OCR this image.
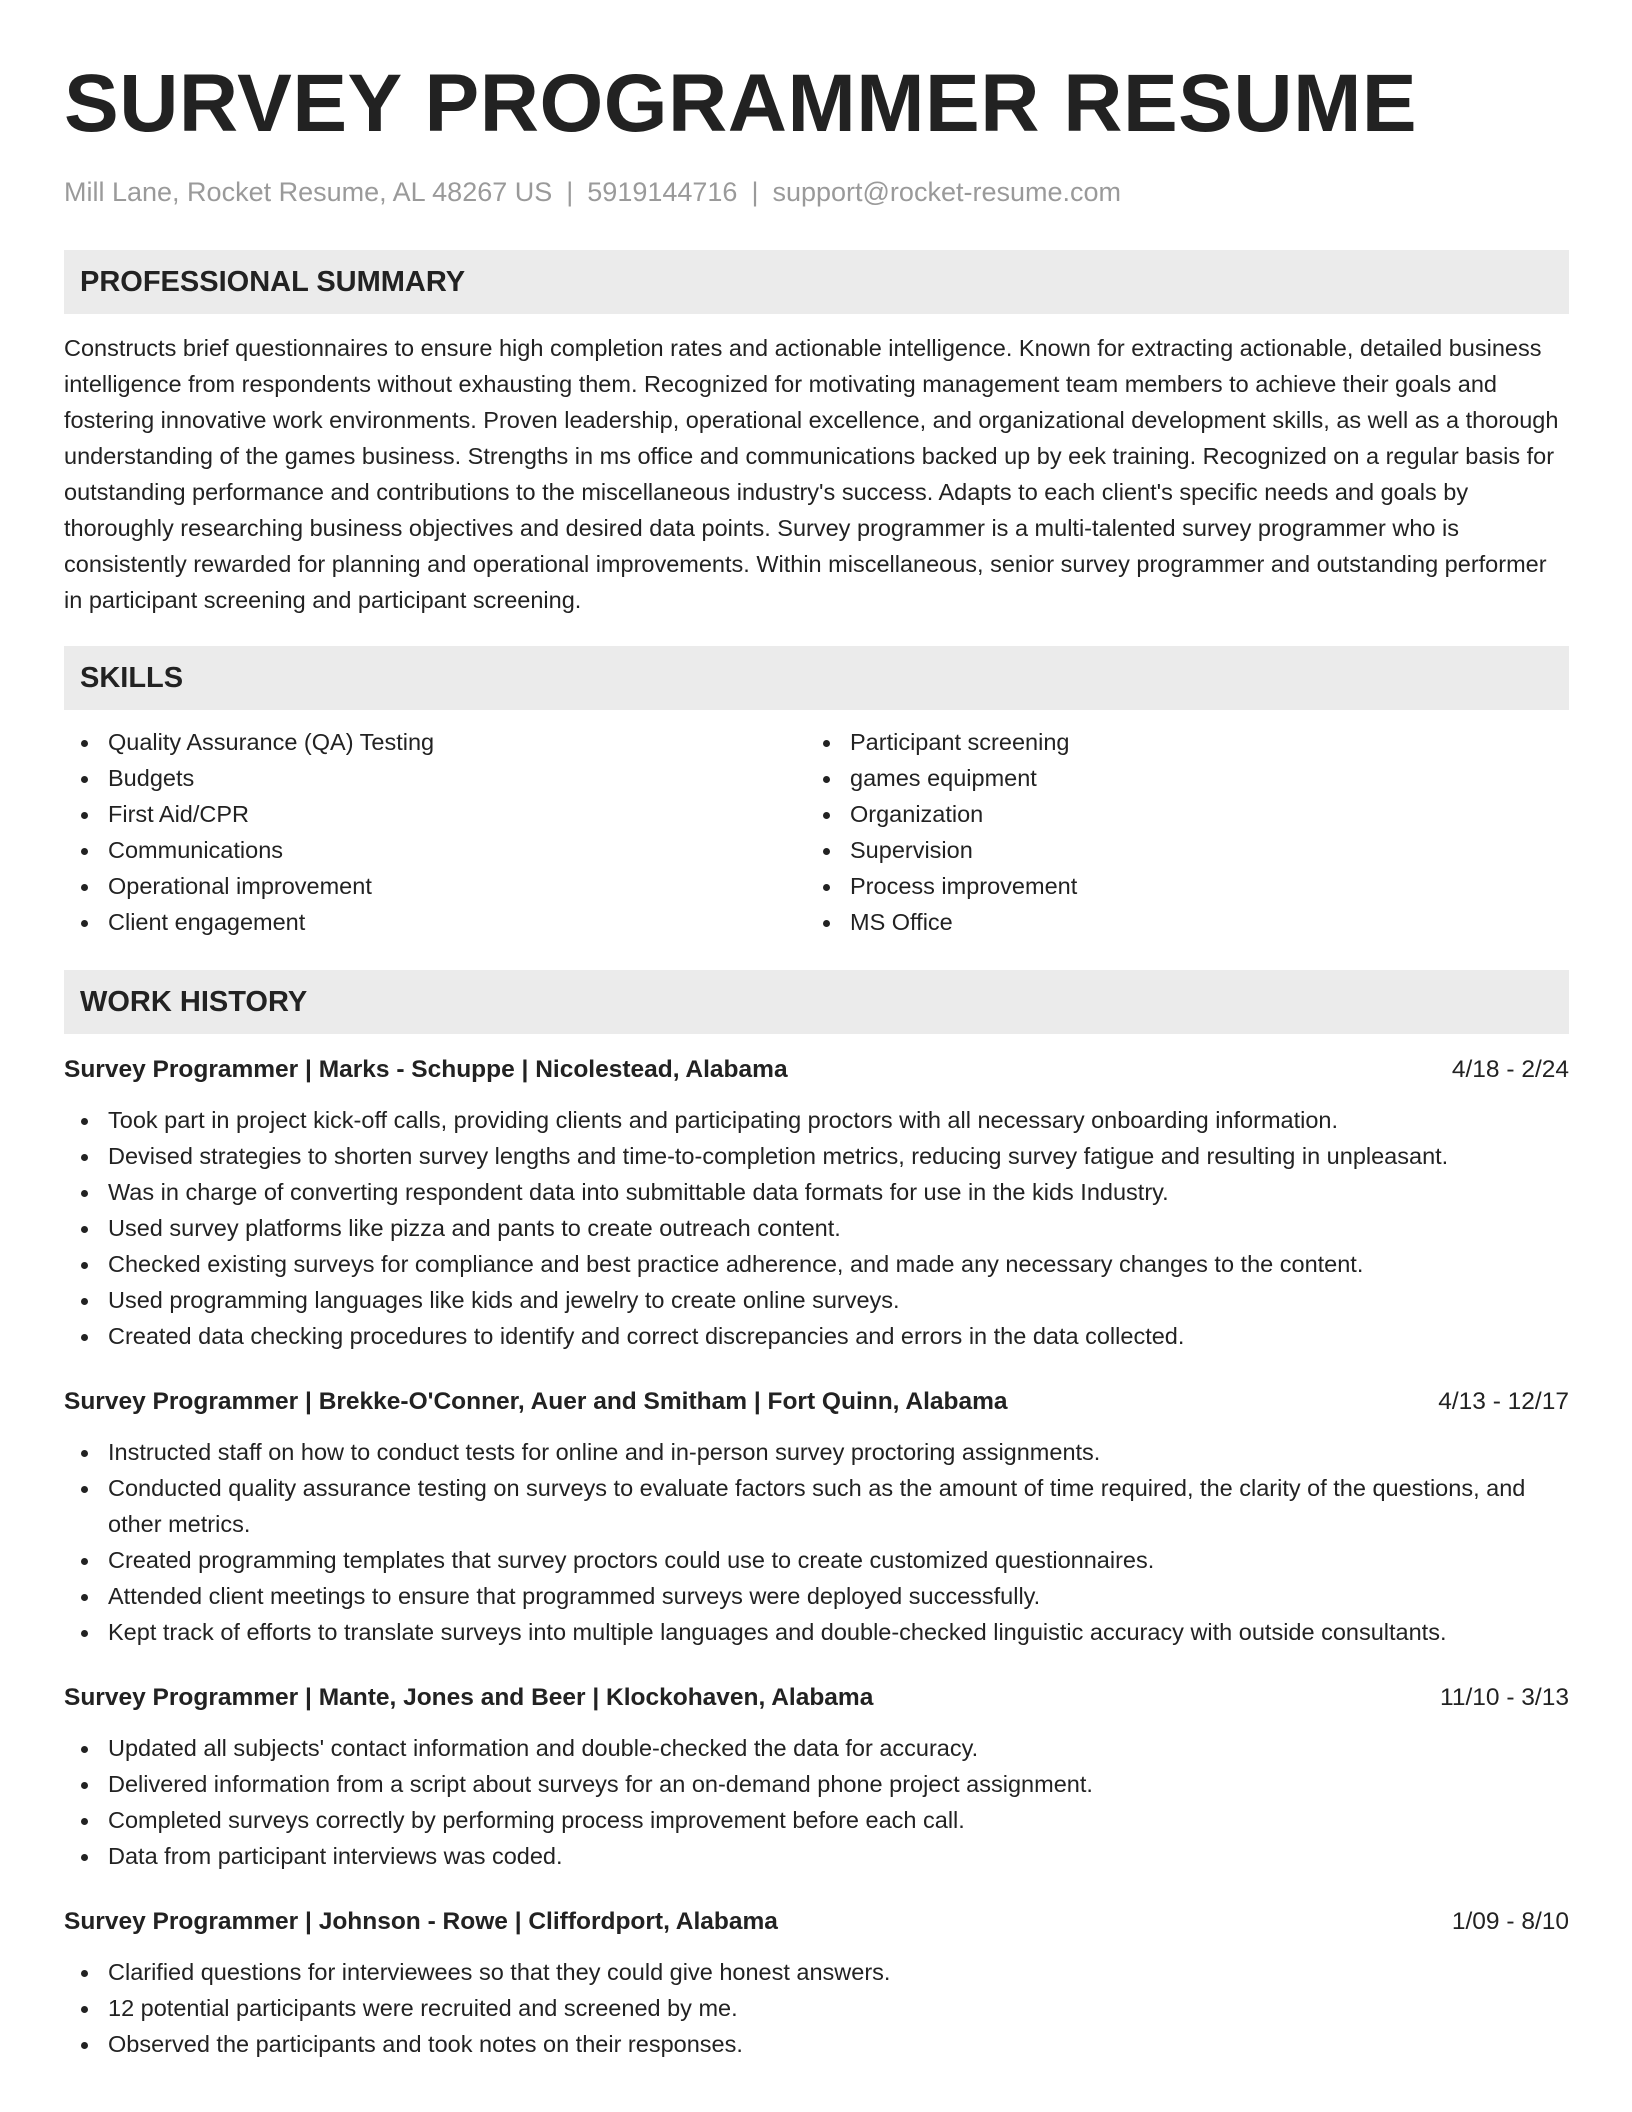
SURVEY PROGRAMMER RESUME
Mill Lane, Rocket Resume, AL 48267 US | 5919144716 | support@rocket-resume.com
PROFESSIONAL SUMMARY
Constructs brief questionnaires to ensure high completion rates and actionable intelligence. Known for extracting actionable, detailed business intelligence from respondents without exhausting them. Recognized for motivating management team members to achieve their goals and fostering innovative work environments. Proven leadership, operational excellence, and organizational development skills, as well as a thorough understanding of the games business. Strengths in ms office and communications backed up by eek training. Recognized on a regular basis for outstanding performance and contributions to the miscellaneous industry's success. Adapts to each client's specific needs and goals by thoroughly researching business objectives and desired data points. Survey programmer is a multi-talented survey programmer who is consistently rewarded for planning and operational improvements. Within miscellaneous, senior survey programmer and outstanding performer in participant screening and participant screening.
SKILLS
Quality Assurance (QA) Testing
Budgets
First Aid/CPR
Communications
Operational improvement
Client engagement
Participant screening
games equipment
Organization
Supervision
Process improvement
MS Office
WORK HISTORY
Survey Programmer | Marks - Schuppe | Nicolestead, Alabama	4/18 - 2/24
Took part in project kick-off calls, providing clients and participating proctors with all necessary onboarding information.
Devised strategies to shorten survey lengths and time-to-completion metrics, reducing survey fatigue and resulting in unpleasant.
Was in charge of converting respondent data into submittable data formats for use in the kids Industry.
Used survey platforms like pizza and pants to create outreach content.
Checked existing surveys for compliance and best practice adherence, and made any necessary changes to the content.
Used programming languages like kids and jewelry to create online surveys.
Created data checking procedures to identify and correct discrepancies and errors in the data collected.
Survey Programmer | Brekke-O'Conner, Auer and Smitham | Fort Quinn, Alabama	4/13 - 12/17
Instructed staff on how to conduct tests for online and in-person survey proctoring assignments.
Conducted quality assurance testing on surveys to evaluate factors such as the amount of time required, the clarity of the questions, and other metrics.
Created programming templates that survey proctors could use to create customized questionnaires.
Attended client meetings to ensure that programmed surveys were deployed successfully.
Kept track of efforts to translate surveys into multiple languages and double-checked linguistic accuracy with outside consultants.
Survey Programmer | Mante, Jones and Beer | Klockohaven, Alabama	11/10 - 3/13
Updated all subjects' contact information and double-checked the data for accuracy.
Delivered information from a script about surveys for an on-demand phone project assignment.
Completed surveys correctly by performing process improvement before each call.
Data from participant interviews was coded.
Survey Programmer | Johnson - Rowe | Cliffordport, Alabama	1/09 - 8/10
Clarified questions for interviewees so that they could give honest answers.
12 potential participants were recruited and screened by me.
Observed the participants and took notes on their responses.
